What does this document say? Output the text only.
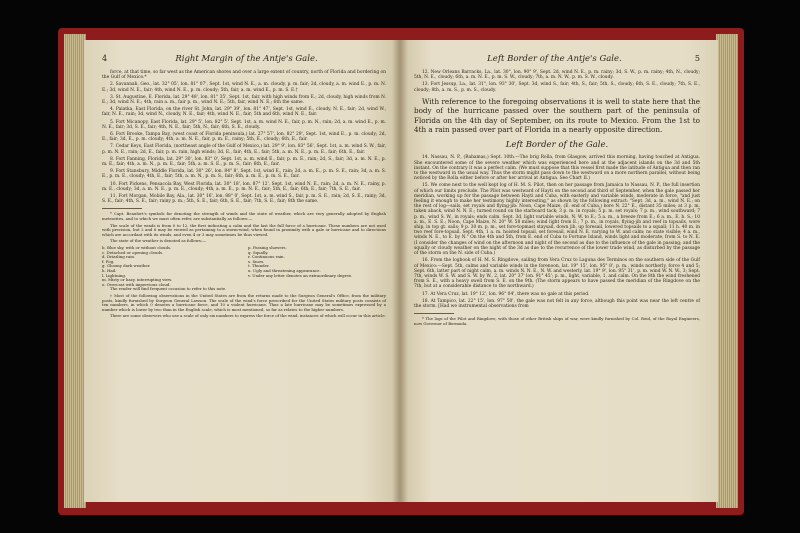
4	Right Margin of the Antje's Gale.

force, at that time, so far west as the American shores and over a large extent of country, north of Florida and bordering on the Gulf of Mexico.*

2. Savannah, Geo., lat. 32° 05', lon. 81° 07', Sept. 1st, wind N. E., a. m. cloudy, p. m. fair; 2d, cloudy, a. m. wind E., p. m. N. E.; 3d, wind N. E., fair; 4th, wind N. E., p. m. cloudy; 5th, fair, a. m. wind E., p. m. S. E.†

3. St. Augustine, E. Florida, lat. 29° 48', lon. 81° 35', Sept. 1st, fair, with high winds from E.; 2d, cloudy, high winds from N. E.; 3d, wind N. E.; 4th, rain a. m., fair p. m., wind N. E.; 5th, fair, wind N. E.; 6th the same.

4. Palatka, East Florida, on the river St. John, lat. 29° 39', lon. 81° 47', Sept. 1st, wind E., cloudy, N. E., fair; 2d, wind W., fair, N. E., rain; 3d, wind N., cloudy, N. E., fair; 4th, wind N. E., fair; 5th and 6th, wind N. E., fair.

5. Fort Micanopy, East Florida, lat. 29° 5', lon. 82° 5', Sept. 1st, a. m. wind N. E., fair, p. m. N., rain; 2d, a. m. wind E., p. m. N. E., fair; 3d, S. E., fair; 4th, N. E., fair; 5th, N., fair; 6th, S. E., cloudy.

6. Fort Brooke, Tampa Bay, (west coast of Florida peninsula,) lat. 27° 57', lon. 82° 29', Sept. 1st, wind E., p. m. cloudy; 2d, E., fair; 3d, E., p. m. cloudy; 4th, a. m. N. E., fair, p. m. E., rainy; 5th, E., cloudy; 6th, E., fair.

7. Cedar Keys, East Florida, (northeast angle of the Gulf of Mexico,) lat. 29° 9', lon. 83° 56', Sept. 1st, a. m. wind S. W., fair, p. m. N. E., rain; 2d, E., fair, p. m. rain, high winds; 3d, E., fair; 4th, E., fair; 5th, a. m. N. E., p. m. E., fair; 6th, E., fair.

8. Fort Fanning, Florida, lat. 29° 30', lon. 83° 0', Sept. 1st, a. m. wind E., fair, p. m. E., rain; 2d, S., fair; 3d, a. m. N. E., p. m. E., fair; 4th, a. m. N., p. m. E., fair; 5th, a. m. S. E., p. m. S., fair; 6th, E., fair.

9. Fort Stansbury, Middle Florida, lat. 30° 26', lon. 84° 8', Sept. 1st, wind E., rain; 2d, a. m. E., p. m. S. E., rain; 3d, a. m. S. E., p. m. E., cloudy; 4th, E., fair; 5th, a. m. N., p. m. S., fair; 6th, a. m. E., p. m. S. E., fair.

10. Fort Pickens, Pensacola Bay, West Florida, lat. 30° 18', lon. 87° 12', Sept. 1st, wind N. E., rain; 2d, a. m. N. E., rainy, p. m. E., cloudy; 3d, a. m. N. E., p. m. E., cloudy; 4th, a. m. E., p. m. N. E., fair; 5th, E., fair; 6th, E., fair; 7th, S. E., fair.

11. Fort Morgan, Mobile Bay, Ala., lat. 30° 16', lon. 88° 0', Sept. 1st, a. m. wind S., fair, p. m. S. E., rain; 2d, S. E., rainy; 3d, S. E., fair; 4th, S. E., fair; rainy p. m.; 5th, S. E., fair; 6th, S. E., fair; 7th, S. E., fair; 8th the same.

* Capt. Beaufort's symbols for denoting the strength of winds and the state of weather, which are very generally adopted by English meteorites, and to which we must often refer, are substantially as follows:—

The scale of the winds is from 0 to 12, the first indicating a calm and the last the full force of a hurricane. These numbers are not used with precision, but 2 and 6 may be viewed as pertaining to a storm-wind, when found in proximity with a gale or hurricane and to directions which are accordant with its winds, and even 4 or 3 may sometimes be thus viewed.

The state of the weather is denoted as follows:—

b. Blue sky, with or without clouds.
c. Detached or opening clouds.
d. Drizzling rain.
f. Fog.
g. Gloomy dark weather.
h. Hail.
l. Lightning.
m. Misty or hazy, interrupting view.
o. Overcast with impervious cloud.
p. Passing showers.
q. Squally.
r. Continuous rain.
s. Snow.
t. Thunder.
u. Ugly and threatening appearance.
v. Under any letter denotes an extraordinary degree.

The reader will find frequent occasion to refer to this note.

† Most of the following observations in the United States are from the returns made to the Surgeon General's Office, from the military posts, kindly furnished by Surgeon General Lawson. The scale of the wind's force prescribed for the United States military posts consists of ten numbers, in which 0 denotes a hurricane force, and 10 a violent hurricane. Thus a late hurricane may be sometimes expressed by a number which is lower by two than in the English scale, which is most mentioned, so far as relates to the higher numbers.

There are some observers who use a scale of only six numbers to express the force of the wind, instances of which will occur in this article.

Left Border of the Antje's Gale.	5

12. New Orleans Barracks, La., lat. 30°, lon. 90° 9', Sept. 2d, wind N. E., p. m. rainy; 3d, S. W., p. m. rainy; 4th, N., cloudy; 5th, N. E., cloudy; 6th, a. m. N. E., p. m. S. W., cloudy; 7th, a. m. N. W., p. m. S. W., cloudy.

13. Fort Jessup, La., lat. 31°, lon. 93° 30', Sept. 3d, wind S., fair; 4th, S., fair; 5th, S., cloudy; 6th, S. E., cloudy; 7th, S. E., cloudy; 8th, a. m. S., p. m. S., cloudy.

With reference to the foregoing observations it is well to state here that the body of the hurricane passed over the southern part of the peninsula of Florida on the 4th day of September, on its route to Mexico. From the 1st to 4th a rain passed over part of Florida in a nearly opposite direction.

Left Border of the Gale.

14. Nassau, N. P., (Bahamas,) Sept. 10th.—The brig Rolla, from Glasgow, arrived this morning, having touched at Antigua. She encountered some of the severe weather which was experienced here and at the adjacent islands on the 3d and 5th instant. On the contrary it was a perfect calm. (We must suppose that this vessel first made the latitude of Antigua and then ran to the westward in the usual way. Thus the storm might pass down to the westward on a more northern parallel, without being noticed by the Rolla either before or after her arrival at Antigua. See Chart II.)

15. We come next to the well kept log of H. M. S. Pilot, then on her passage from Jamaica to Nassau, N. P., the full insertion of which our limits preclude. The Pilot was westward of Hayti on the second and third of September, when the gale passed her meridian, working up for the passage between Hayti and Cuba, with easterly and variable winds, moderate in force, "and just feeling it enough to make her testimony highly interesting," as shown by the following extract: "Sept. 3d, a. m., wind N. E.; on the rest of log—sails, set royals and flying-jib: Noon, Cape Maize, (E. end of Cuba,) bore N. 22° E., distant 35 miles; at 3 p. m. taken aback, wind N. N. E.; turned round on the starboard tack; 3 p. m. in royals; 5 p. m. set royals; 7 p. m., wind southward; 7 p. m., wind S. W., in royals; ends calm. Sept. 3d, light variable winds, N. W. to E.; 5 a. m., a breeze from E.; 6 a. m., E. b. S.; 10 a. m., E. S. E.; Noon, Cape Maize, N. 20° W. 58 miles; wind light from E.; 7 p. m., in royals, flying-jib and reef in topsails, wore ship, in top gt. sails; 9 p. 30 m. p. m., set fore-topmast staysail, down jib, up foresail, lowered topsails to a squall; 11 h. 40 m. in two reef fore-topsail. Sept. 4th, 1 a. m. hoisted topsail, set foresail, wind N. E. varying to W. and calm; no state visible; 4 a. m., winds N. E., to E. by N." On the 4th and 5th, from E. end of Cuba to Fortune Island, winds light and moderate, from S. to N. E. (I consider the changes of wind on the afternoon and night of the second as due to the influence of the gale in passing; and the squally or cloudy weather on the night of the 3d as due to the recurrence of the lower trade wind, as disturbed by the passage of the storm on the N. side of Cuba.)

16. From the logbook of H. M. S. Ringdove, sailing from Vera Cruz to Laguna des Terminos on the southern side of the Gulf of Mexico:—Sept. 5th, calms and variable winds in the forenoon, lat. 19° 15', lon. 95° 8', p. m., winds northerly, force 4 and 5; Sept. 6th, latter part of night calm, a. m. winds N. N. E., N. W. and westerly, lat. 19° 9', lon. 95° 31', p. m. wind W. N. W., 3; Sept. 7th, winds W. S. W. and S. W. by W., 2, lat. 20° 37' lon. 91° 45'; p. m., light, variable, 1, and calm. On the 8th the wind freshened from S. E., with a heavy swell from S. E. on the 9th. (The storm appears to have passed the meridian of the Ringdove on the 7th, but at a considerable distance to the northward.)

17. At Vera Cruz, lat. 19° 12', lon. 96° 04', there was no gale at this period.

18. At Tampico, lat. 22° 15', lon. 97° 50', the gale was not felt in any force, although this point was near the left centre of the storm. [Had we instrumental observations from

* The logs of the Pilot and Ringdove, with those of other British ships of war, were kindly furnished by Col. Reid, of the Royal Engineers, now Governor of Bermuda.
